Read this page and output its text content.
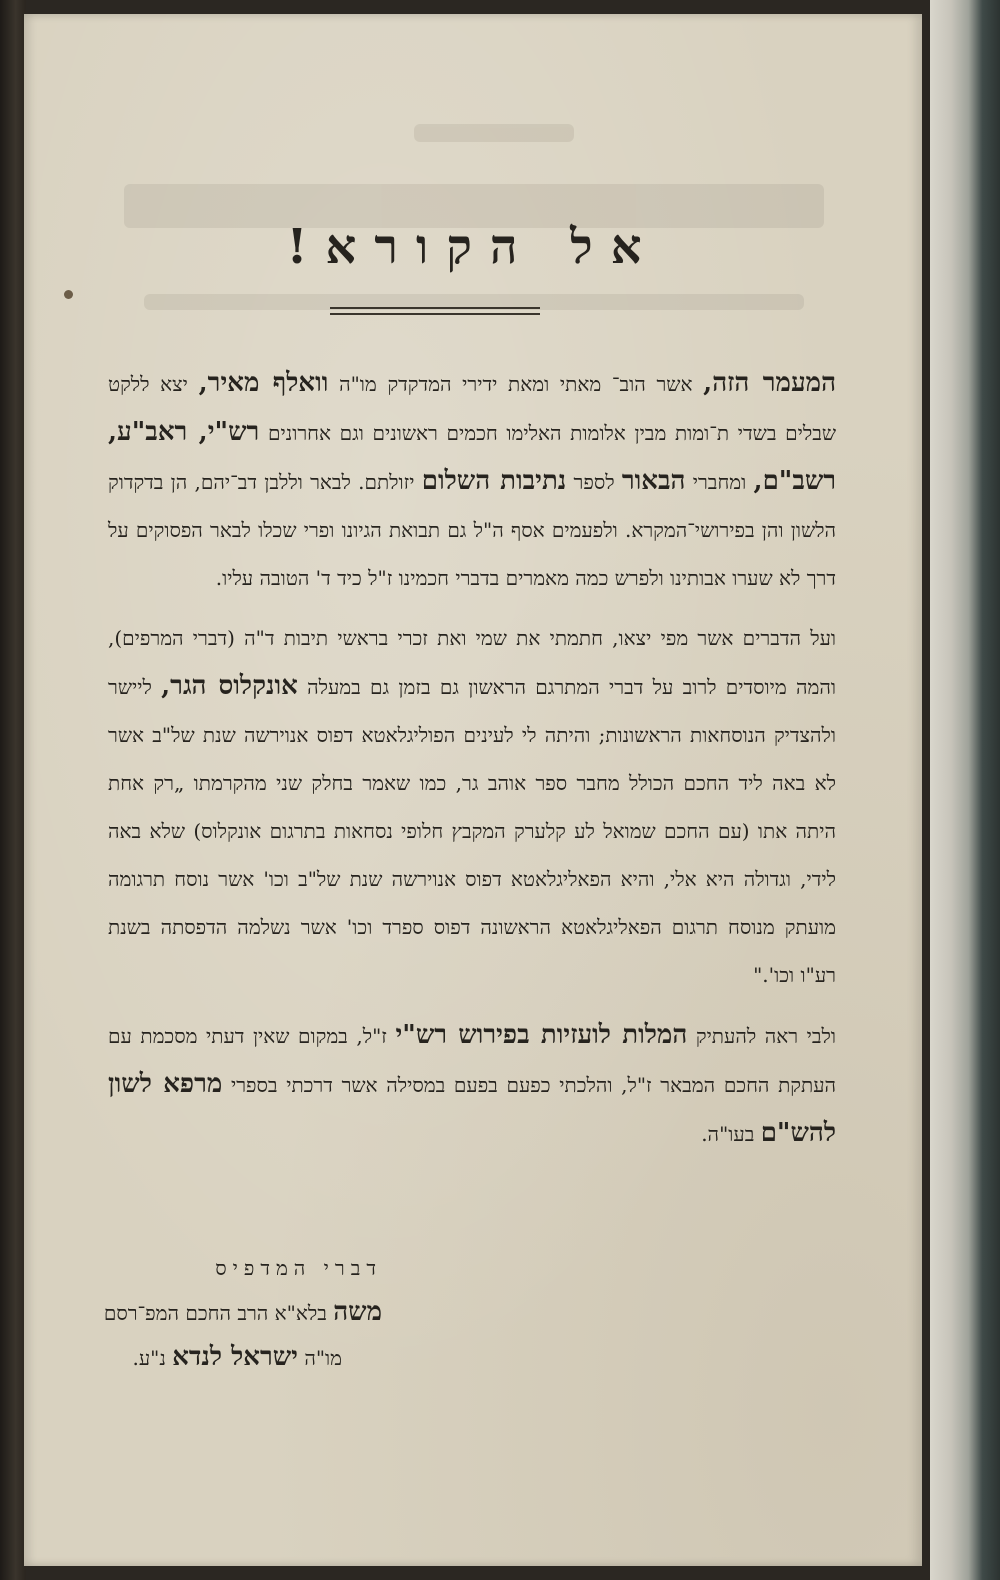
אל הקורא!

המעמר הזה, אשר הוב־ מאתי ומאת ידירי המדקדק מו"ה וואלף מאיר, יצא ללקט שבלים בשדי ת־ומות מבין אלומות האלימו חכמים ראשונים וגם אחרונים רש"י, ראב"ע, רשב"ם, ומחברי הבאור לספר נתיבות השלום יזולתם. לבאר וללבן דב־יהם, הן בדקדוק הלשון והן בפירושי־המקרא. ולפעמים אסף ה"ל גם תבואת הגיונו ופרי שכלו לבאר הפסוקים על דרך לא שערו אבותינו ולפרש כמה מאמרים בדברי חכמינו ז"ל כיד ד' הטובה עליו.

ועל הדברים אשר מפי יצאו, חתמתי את שמי ואת זכרי בראשי תיבות ד"ה (דברי המרפים), והמה מיוסדים לרוב על דברי המתרגם הראשון גם בזמן גם במעלה אונקלוס הגר, ליישר ולהצדיק הנוסחאות הראשונות; והיתה לי לעינים הפוליגלאטא דפוס אנוירשה שנת של"ב אשר לא באה ליד החכם הכולל מחבר ספר אוהב גר, כמו שאמר בחלק שני מהקרמתו „רק אחת היתה אתו (עם החכם שמואל לע קלערק המקבץ חלופי נסחאות בתרגום אונקלוס) שלא באה לידי, וגדולה היא אלי, והיא הפאליגלאטא דפוס אנוירשה שנת של"ב וכו' אשר נוסח תרגומה מועתק מנוסח תרגום הפאליגלאטא הראשונה דפוס ספרד וכו' אשר נשלמה הדפסתה בשנת רע"ו וכו'."

ולבי ראה להעתיק המלות לועזיות בפירוש רש"י ז"ל, במקום שאין דעתי מסכמת עם העתקת החכם המבאר ז"ל, והלכתי כפעם בפעם במסילה אשר דרכתי בספרי מרפא לשון להש"ם בעו"ה.

דברי המדפיס
משה בלא"א הרב החכם המפ־רסם
מו"ה ישראל לנדא נ"ע.
